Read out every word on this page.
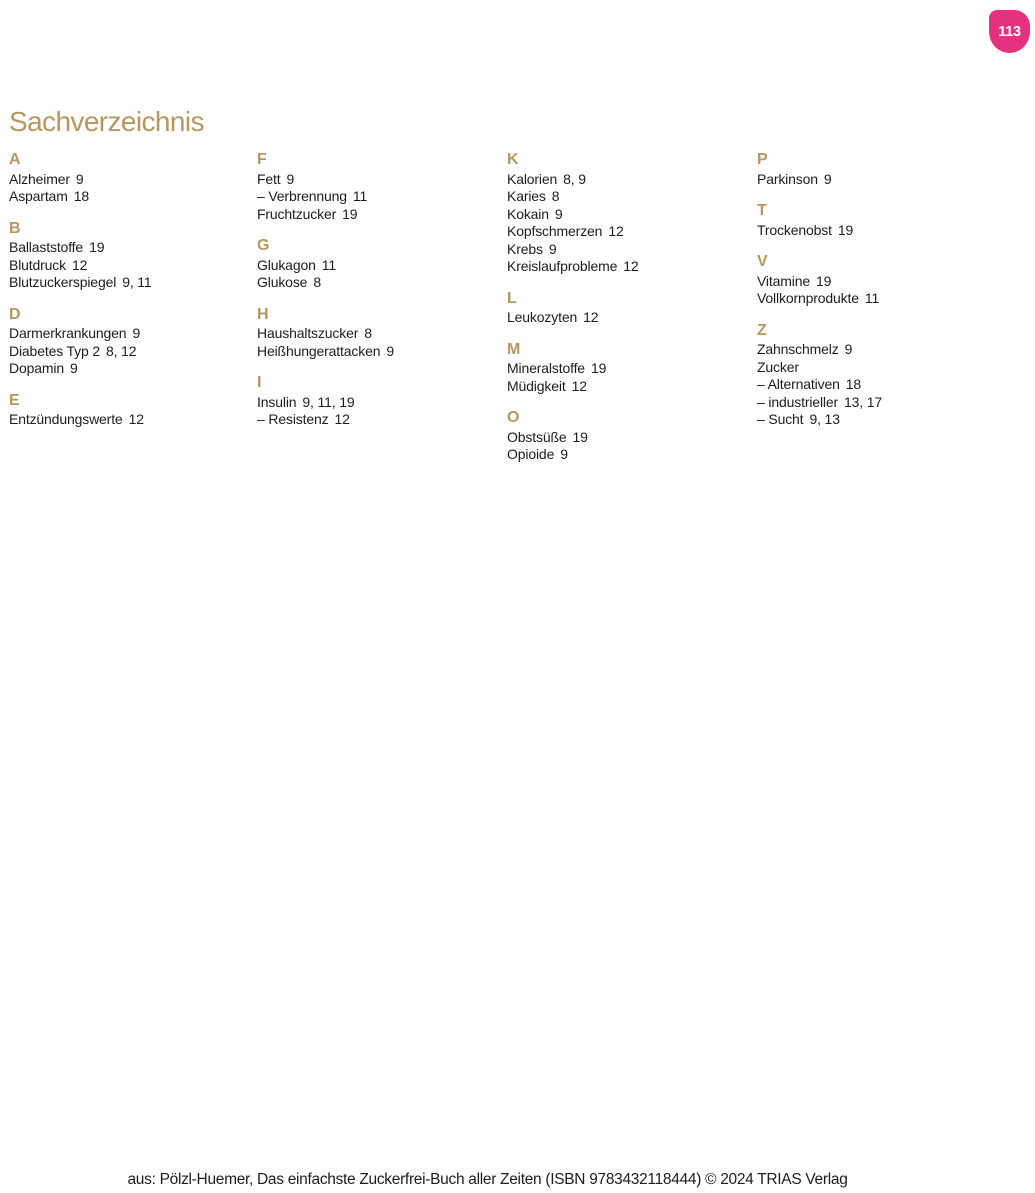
113
Sachverzeichnis
A
Alzheimer 9
Aspartam 18
B
Ballaststoffe 19
Blutdruck 12
Blutzuckerspiegel 9, 11
D
Darmerkrankungen 9
Diabetes Typ 2 8, 12
Dopamin 9
E
Entzündungswerte 12
F
Fett 9
– Verbrennung 11
Fruchtzucker 19
G
Glukagon 11
Glukose 8
H
Haushaltszucker 8
Heißhungerattacken 9
I
Insulin 9, 11, 19
– Resistenz 12
K
Kalorien 8, 9
Karies 8
Kokain 9
Kopfschmerzen 12
Krebs 9
Kreislaufprobleme 12
L
Leukozyten 12
M
Mineralstoffe 19
Müdigkeit 12
O
Obstsüße 19
Opioide 9
P
Parkinson 9
T
Trockenobst 19
V
Vitamine 19
Vollkornprodukte 11
Z
Zahnschmelz 9
Zucker
– Alternativen 18
– industrieller 13, 17
– Sucht 9, 13
aus: Pölzl-Huemer, Das einfachste Zuckerfrei-Buch aller Zeiten (ISBN 9783432118444) © 2024 TRIAS Verlag
